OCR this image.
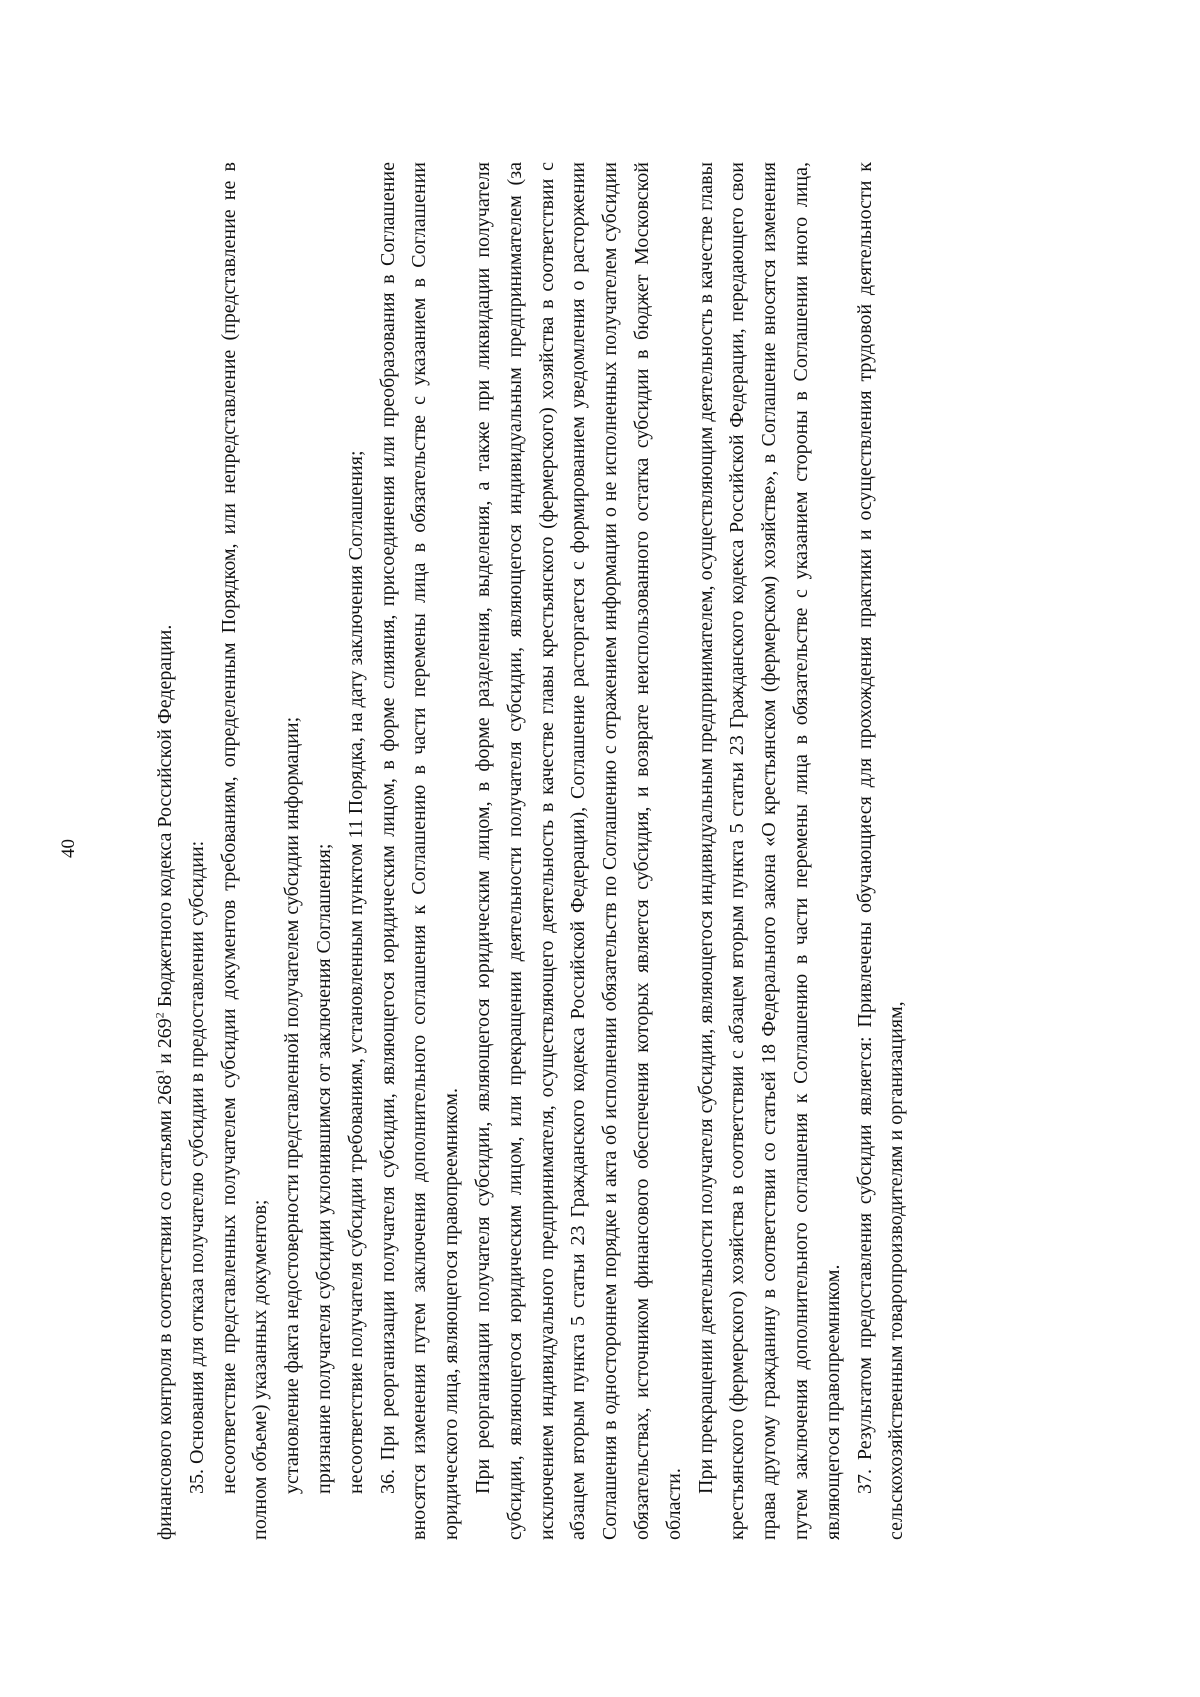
40

финансового контроля в соответствии со статьями $268^1$ и $269^2$ Бюджетного кодекса Российской Федерации.

35. Основания для отказа получателю субсидии в предоставлении субсидии: несоответствие представленных получателем субсидии документов требованиям, определенным Порядком, или непредставление (представление не в полном объеме) указанных документов; установление факта недостоверности представленной получателем субсидии информации; признание получателя субсидии уклонившимся от заключения Соглашения; несоответствие получателя субсидии требованиям, установленным пунктом 11 Порядка, на дату заключения Соглашения; 36. При реорганизации получателя субсидии, являющегося юридическим лицом, в форме слияния, присоединения или преобразования в Соглашение вносятся изменения путем заключения дополнительного соглашения к Соглашению в части перемены лица в обязательстве с указанием в Соглашении юридического лица, являющегося правопреемником. При реорганизации получателя субсидии, являющегося юридическим лицом, в форме разделения, выделения, а также при ликвидации получателя субсидии, являющегося юридическим лицом, или прекращении деятельности получателя субсидии, являющегося индивидуальным предпринимателем (за исключением индивидуального предпринимателя, осуществляющего деятельность в качестве главы крестьянского (фермерского) хозяйства в соответствии с абзацем вторым пункта 5 статьи 23 Гражданского кодекса Российской Федерации), Соглашение расторгается с формированием уведомления о расторжении Соглашения в одностороннем порядке и акта об исполнении обязательств по Соглашению с отражением информации о не исполненных получателем субсидии обязательствах, источником финансового обеспечения которых является субсидия, и возврате неиспользованного остатка субсидии в бюджет Московской области.

При прекращении деятельности получателя субсидии, являющегося индивидуальным предпринимателем, осуществляющим деятельность в качестве главы крестьянского (фермерского) хозяйства в соответствии с абзацем вторым пункта 5 статьи 23 Гражданского кодекса Российской Федерации, передающего свои права другому гражданину в соответствии со статьей 18 Федерального закона «О крестьянском (фермерском) хозяйстве», в Соглашение вносятся изменения путем заключения дополнительного соглашения к Соглашению в части перемены лица в обязательстве с указанием стороны в Соглашении иного лица, являющегося правопреемником. 37. Результатом предоставления субсидии является: Привлечены обучающиеся для прохождения практики и осуществления трудовой деятельности к сельскохозяйственным товаропроизводителям и организациям,
